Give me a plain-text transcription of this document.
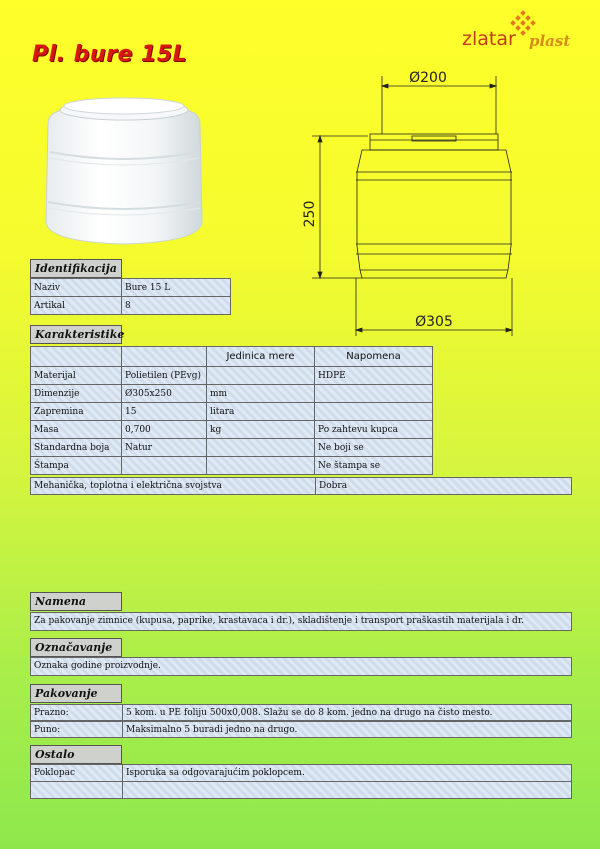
Pl. bure 15L
zlatar plast
Ø200
250
Ø305
Identifikacija
Naziv	Bure 15 L
Artikal	8
Karakteristike
		Jedinica mere	Napomena
Materijal	Polietilen (PEvg)		HDPE
Dimenzije	Ø305x250	mm	
Zapremina	15	litara	
Masa	0,700	kg	Po zahtevu kupca
Standardna boja	Natur		Ne boji se
Štampa			Ne štampa se
Mehanička, toplotna i električna svojstva	Dobra
Namena
Za pakovanje zimnice (kupusa, paprike, krastavaca i dr.), skladištenje i transport praškastih materijala i dr.
Označavanje
Oznaka godine proizvodnje.
Pakovanje
Prazno:	5 kom. u PE foliju 500x0,008. Slažu se do 8 kom. jedno na drugo na čisto mesto.
Puno:	Maksimalno 5 buradi jedno na drugo.
Ostalo
Poklopac	Isporuka sa odgovarajućim poklopcem.
